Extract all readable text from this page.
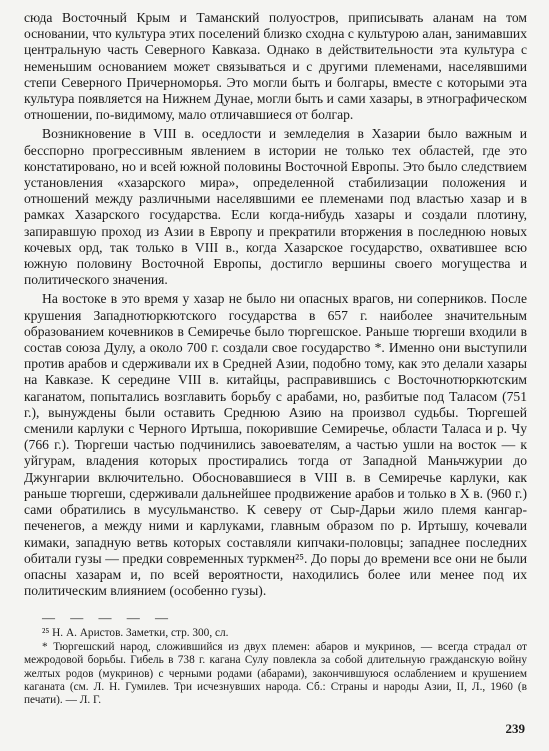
сюда Восточный Крым и Таманский полуостров, приписывать аланам на том основании, что культура этих поселений близко сходна с культурою алан, занимавших центральную часть Северного Кавказа. Однако в действительности эта культура с неменьшим основанием может связываться и с другими племенами, населявшими степи Северного Причерноморья. Это могли быть и болгары, вместе с которыми эта культура появляется на Нижнем Дунае, могли быть и сами хазары, в этнографическом отношении, по-видимому, мало отличавшиеся от болгар.

Возникновение в VIII в. оседлости и земледелия в Хазарии было важным и бесспорно прогрессивным явлением в истории не только тех областей, где это констатировано, но и всей южной половины Восточной Европы. Это было следствием установления «хазарского мира», определенной стабилизации положения и отношений между различными населявшими ее племенами под властью хазар и в рамках Хазарского государства. Если когда-нибудь хазары и создали плотину, запиравшую проход из Азии в Европу и прекратили вторжения в последнюю новых кочевых орд, так только в VIII в., когда Хазарское государство, охватившее всю южную половину Восточной Европы, достигло вершины своего могущества и политического значения.

На востоке в это время у хазар не было ни опасных врагов, ни соперников. После крушения Западнотюркютского государства в 657 г. наиболее значительным образованием кочевников в Семиречье было тюргешское. Раньше тюргеши входили в состав союза Дулу, а около 700 г. создали свое государство *. Именно они выступили против арабов и сдерживали их в Средней Азии, подобно тому, как это делали хазары на Кавказе. К середине VIII в. китайцы, расправившись с Восточнотюркютским каганатом, попытались возглавить борьбу с арабами, но, разбитые под Таласом (751 г.), вынуждены были оставить Среднюю Азию на произвол судьбы. Тюргешей сменили карлуки с Черного Иртыша, покорившие Семиречье, области Таласа и р. Чу (766 г.). Тюргеши частью подчинились завоевателям, а частью ушли на восток — к уйгурам, владения которых простирались тогда от Западной Маньчжурии до Джунгарии включительно. Обосновавшиеся в VIII в. в Семиречье карлуки, как раньше тюргеши, сдерживали дальнейшее продвижение арабов и только в X в. (960 г.) сами обратились в мусульманство. К северу от Сыр-Дарьи жило племя кангар-печенегов, а между ними и карлуками, главным образом по р. Иртышу, кочевали кимаки, западную ветвь которых составляли кипчаки-половцы; западнее последних обитали гузы — предки современных туркмен²⁵. До поры до времени все они не были опасны хазарам и, по всей вероятности, находились более или менее под их политическим влиянием (особенно гузы).

— — — — —

²⁵ Н. А. Аристов. Заметки, стр. 300, сл.

* Тюргешский народ, сложившийся из двух племен: абаров и мукринов, — всегда страдал от межродовой борьбы. Гибель в 738 г. кагана Сулу повлекла за собой длительную гражданскую войну желтых родов (мукринов) с черными родами (абарами), закончившуюся ослаблением и крушением каганата (см. Л. Н. Гумилев. Три исчезнувших народа. Сб.: Страны и народы Азии, II, Л., 1960 (в печати). — Л. Г.

239
